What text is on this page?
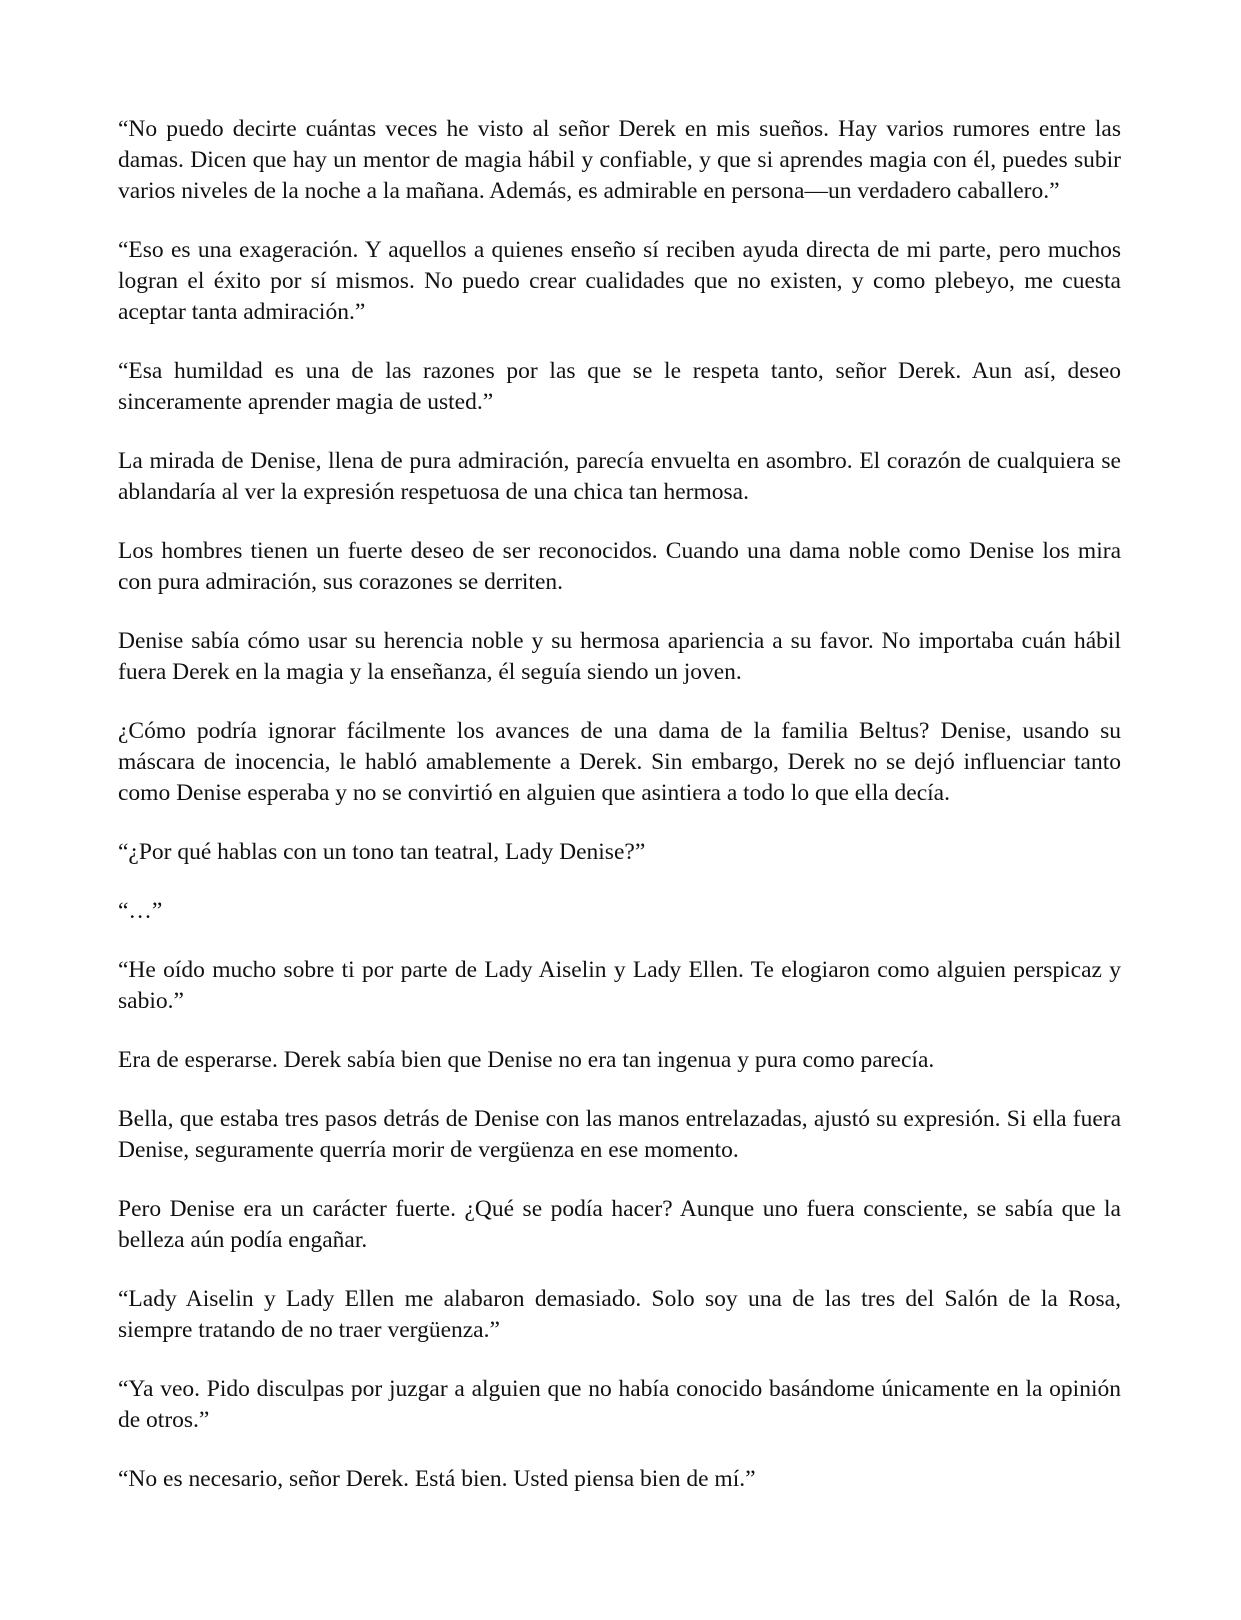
“No puedo decirte cuántas veces he visto al señor Derek en mis sueños. Hay varios rumores entre las damas. Dicen que hay un mentor de magia hábil y confiable, y que si aprendes magia con él, puedes subir varios niveles de la noche a la mañana. Además, es admirable en persona—un verdadero caballero.”

“Eso es una exageración. Y aquellos a quienes enseño sí reciben ayuda directa de mi parte, pero muchos logran el éxito por sí mismos. No puedo crear cualidades que no existen, y como plebeyo, me cuesta aceptar tanta admiración.”

“Esa humildad es una de las razones por las que se le respeta tanto, señor Derek. Aun así, deseo sinceramente aprender magia de usted.”

La mirada de Denise, llena de pura admiración, parecía envuelta en asombro. El corazón de cualquiera se ablandaría al ver la expresión respetuosa de una chica tan hermosa.

Los hombres tienen un fuerte deseo de ser reconocidos. Cuando una dama noble como Denise los mira con pura admiración, sus corazones se derriten.

Denise sabía cómo usar su herencia noble y su hermosa apariencia a su favor. No importaba cuán hábil fuera Derek en la magia y la enseñanza, él seguía siendo un joven.

¿Cómo podría ignorar fácilmente los avances de una dama de la familia Beltus? Denise, usando su máscara de inocencia, le habló amablemente a Derek. Sin embargo, Derek no se dejó influenciar tanto como Denise esperaba y no se convirtió en alguien que asintiera a todo lo que ella decía.

“¿Por qué hablas con un tono tan teatral, Lady Denise?”

“…”

“He oído mucho sobre ti por parte de Lady Aiselin y Lady Ellen. Te elogiaron como alguien perspicaz y sabio.”

Era de esperarse. Derek sabía bien que Denise no era tan ingenua y pura como parecía.

Bella, que estaba tres pasos detrás de Denise con las manos entrelazadas, ajustó su expresión. Si ella fuera Denise, seguramente querría morir de vergüenza en ese momento.

Pero Denise era un carácter fuerte. ¿Qué se podía hacer? Aunque uno fuera consciente, se sabía que la belleza aún podía engañar.

“Lady Aiselin y Lady Ellen me alabaron demasiado. Solo soy una de las tres del Salón de la Rosa, siempre tratando de no traer vergüenza.”

“Ya veo. Pido disculpas por juzgar a alguien que no había conocido basándome únicamente en la opinión de otros.”

“No es necesario, señor Derek. Está bien. Usted piensa bien de mí.”
